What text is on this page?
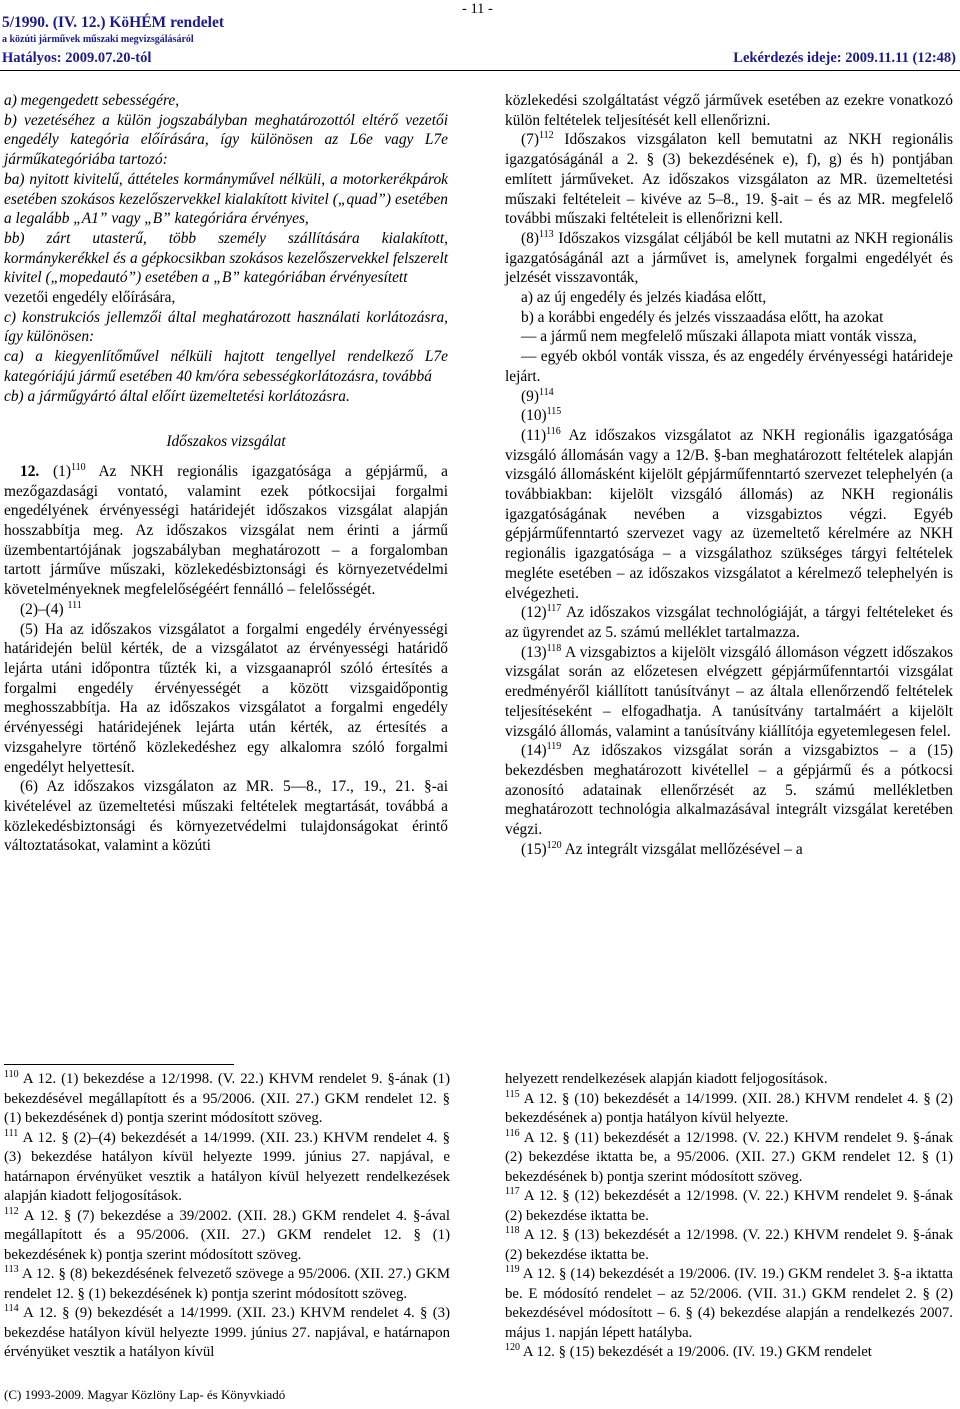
5/1990. (IV. 12.) KöHÉM rendelet
a közúti járművek műszaki megvizsgálásáról
Hatályos: 2009.07.20-tól
- 11 -
Lekérdezés ideje: 2009.11.11 (12:48)

a) megengedett sebességére,

b) vezetéséhez a külön jogszabályban meghatározottól eltérő vezetői engedély kategória előírására, így különösen az L6e vagy L7e járműkategóriába tartozó:

ba) nyitott kivitelű, áttételes kormányművel nélküli, a motorkerékpárok esetében szokásos kezelőszervekkel kialakított kivitel („quad”) esetében a legalább „A1” vagy „B” kategóriára érvényes,

bb) zárt utasterű, több személy szállítására kialakított, kormánykerékkel és a gépkocsikban szokásos kezelőszervekkel felszerelt kivitel („mopedautó”) esetében a „B” kategóriában érvényesített

vezetői engedély előírására,

c) konstrukciós jellemzői által meghatározott használati korlátozásra, így különösen:

ca) a kiegyenlítőművel nélküli hajtott tengellyel rendelkező L7e kategóriájú jármű esetében 40 km/óra sebességkorlátozásra, továbbá

cb) a járműgyártó által előírt üzemeltetési korlátozásra.

Időszakos vizsgálat

12. $(1)^{110}$ Az NKH regionális igazgatósága a gépjármű, a mezőgazdasági vontató, valamint ezek pótkocsijai forgalmi engedélyének érvényességi határidejét időszakos vizsgálat alapján hosszabbítja meg. Az időszakos vizsgálat nem érinti a jármű üzembentartójának jogszabályban meghatározott – a forgalomban tartott járműve műszaki, közlekedésbiztonsági és környezetvédelmi követelményeknek megfelelőségéért fennálló – felelősségét.

(2)–(4) $^{111}$

(5) Ha az időszakos vizsgálatot a forgalmi engedély érvényességi határidején belül kérték, de a vizsgálatot az érvényességi határidő lejárta utáni időpontra tűzték ki, a vizsgaanapról szóló értesítés a forgalmi engedély érvényességét a között vizsgaidőpontig meghosszabbítja. Ha az időszakos vizsgálatot a forgalmi engedély érvényességi határidejének lejárta után kérték, az értesítés a vizsgahelyre történő közlekedéshez egy alkalomra szóló forgalmi engedélyt helyettesít.

(6) Az időszakos vizsgálaton az MR. 5—8., 17., 19., 21. §-ai kivételével az üzemeltetési műszaki feltételek megtartását, továbbá a közlekedésbiztonsági és környezetvédelmi tulajdonságokat érintő változtatásokat, valamint a közúti

közlekedési szolgáltatást végző járművek esetében az ezekre vonatkozó külön feltételek teljesítését kell ellenőrizni.

$(7)^{112}$ Időszakos vizsgálaton kell bemutatni az NKH regionális igazgatóságánál a 2. § (3) bekezdésének e), f), g) és h) pontjában említett járműveket. Az időszakos vizsgálaton az MR. üzemeltetési műszaki feltételeit – kivéve az 5–8., 19. §-ait – és az MR. megfelelő további műszaki feltételeit is ellenőrizni kell.

$(8)^{113}$ Időszakos vizsgálat céljából be kell mutatni az NKH regionális igazgatóságánál azt a járművet is, amelynek forgalmi engedélyét és jelzését visszavonták,

a) az új engedély és jelzés kiadása előtt,

b) a korábbi engedély és jelzés visszaadása előtt, ha azokat

— a jármű nem megfelelő műszaki állapota miatt vonták vissza,

— egyéb okból vonták vissza, és az engedély érvényességi határideje lejárt.

$(9)^{114}$

$(10)^{115}$

$(11)^{116}$ Az időszakos vizsgálatot az NKH regionális igazgatósága vizsgáló állomásán vagy a 12/B. §-ban meghatározott feltételek alapján vizsgáló állomásként kijelölt gépjárműfenntartó szervezet telephelyén (a továbbiakban: kijelölt vizsgáló állomás) az NKH regionális igazgatóságának nevében a vizsgabiztos végzi. Egyéb gépjárműfenntartó szervezet vagy az üzemeltető kérelmére az NKH regionális igazgatósága – a vizsgálathoz szükséges tárgyi feltételek megléte esetében – az időszakos vizsgálatot a kérelmező telephelyén is elvégezheti.

$(12)^{117}$ Az időszakos vizsgálat technológiáját, a tárgyi feltételeket és az ügyrendet az 5. számú melléklet tartalmazza.

$(13)^{118}$ A vizsgabiztos a kijelölt vizsgáló állomáson végzett időszakos vizsgálat során az előzetesen elvégzett gépjárműfenntartói vizsgálat eredményéről kiállított tanúsítványt – az általa ellenőrzendő feltételek teljesítéseként – elfogadhatja. A tanúsítvány tartalmáért a kijelölt vizsgáló állomás, valamint a tanúsítvány kiállítója egyetemlegesen felel.

$(14)^{119}$ Az időszakos vizsgálat során a vizsgabiztos – a (15) bekezdésben meghatározott kivétellel – a gépjármű és a pótkocsi azonosító adatainak ellenőrzését az 5. számú mellékletben meghatározott technológia alkalmazásával integrált vizsgálat keretében végzi.

$(15)^{120}$ Az integrált vizsgálat mellőzésével – a

$^{110}$ A 12. (1) bekezdése a 12/1998. (V. 22.) KHVM rendelet 9. §-ának (1) bekezdésével megállapított és a 95/2006. (XII. 27.) GKM rendelet 12. § (1) bekezdésének d) pontja szerint módosított szöveg.

$^{111}$ A 12. § (2)–(4) bekezdését a 14/1999. (XII. 23.) KHVM rendelet 4. § (3) bekezdése hatályon kívül helyezte 1999. június 27. napjával, e határnapon érvényüket vesztik a hatályon kívül helyezett rendelkezések alapján kiadott feljogosítások.

$^{112}$ A 12. § (7) bekezdése a 39/2002. (XII. 28.) GKM rendelet 4. §-ával megállapított és a 95/2006. (XII. 27.) GKM rendelet 12. § (1) bekezdésének k) pontja szerint módosított szöveg.

$^{113}$ A 12. § (8) bekezdésének felvezető szövege a 95/2006. (XII. 27.) GKM rendelet 12. § (1) bekezdésének k) pontja szerint módosított szöveg.

$^{114}$ A 12. § (9) bekezdését a 14/1999. (XII. 23.) KHVM rendelet 4. § (3) bekezdése hatályon kívül helyezte 1999. június 27. napjával, e határnapon érvényüket vesztik a hatályon kívül

helyezett rendelkezések alapján kiadott feljogosítások.

$^{115}$ A 12. § (10) bekezdését a 14/1999. (XII. 28.) KHVM rendelet 4. § (2) bekezdésének a) pontja hatályon kívül helyezte.

$^{116}$ A 12. § (11) bekezdését a 12/1998. (V. 22.) KHVM rendelet 9. §-ának (2) bekezdése iktatta be, a 95/2006. (XII. 27.) GKM rendelet 12. § (1) bekezdésének b) pontja szerint módosított szöveg.

$^{117}$ A 12. § (12) bekezdését a 12/1998. (V. 22.) KHVM rendelet 9. §-ának (2) bekezdése iktatta be.

$^{118}$ A 12. § (13) bekezdését a 12/1998. (V. 22.) KHVM rendelet 9. §-ának (2) bekezdése iktatta be.

$^{119}$ A 12. § (14) bekezdését a 19/2006. (IV. 19.) GKM rendelet 3. §-a iktatta be. E módosító rendelet – az 52/2006. (VII. 31.) GKM rendelet 2. § (2) bekezdésével módosított – 6. § (4) bekezdése alapján a rendelkezés 2007. május 1. napján lépett hatályba.

$^{120}$ A 12. § (15) bekezdését a 19/2006. (IV. 19.) GKM rendelet

(C) 1993-2009. Magyar Közlöny Lap- és Könyvkiadó
